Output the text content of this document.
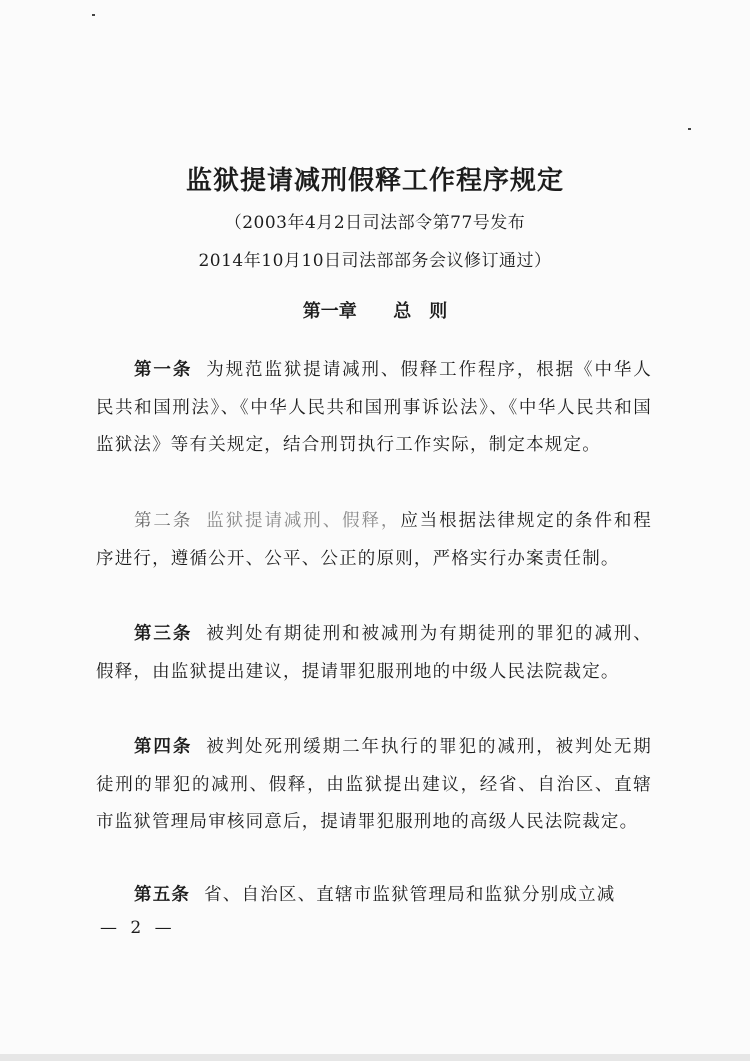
监狱提请减刑假释工作程序规定
（2003年4月2日司法部令第77号发布
2014年10月10日司法部部务会议修订通过）
第一章 总　则
第一条 为规范监狱提请减刑、假释工作程序，根据《中华人民共和国刑法》、《中华人民共和国刑事诉讼法》、《中华人民共和国监狱法》等有关规定，结合刑罚执行工作实际，制定本规定。
第二条 监狱提请减刑、假释，应当根据法律规定的条件和程序进行，遵循公开、公平、公正的原则，严格实行办案责任制。
第三条 被判处有期徒刑和被减刑为有期徒刑的罪犯的减刑、假释，由监狱提出建议，提请罪犯服刑地的中级人民法院裁定。
第四条 被判处死刑缓期二年执行的罪犯的减刑，被判处无期徒刑的罪犯的减刑、假释，由监狱提出建议，经省、自治区、直辖市监狱管理局审核同意后，提请罪犯服刑地的高级人民法院裁定。
第五条 省、自治区、直辖市监狱管理局和监狱分别成立减
— 2 —
